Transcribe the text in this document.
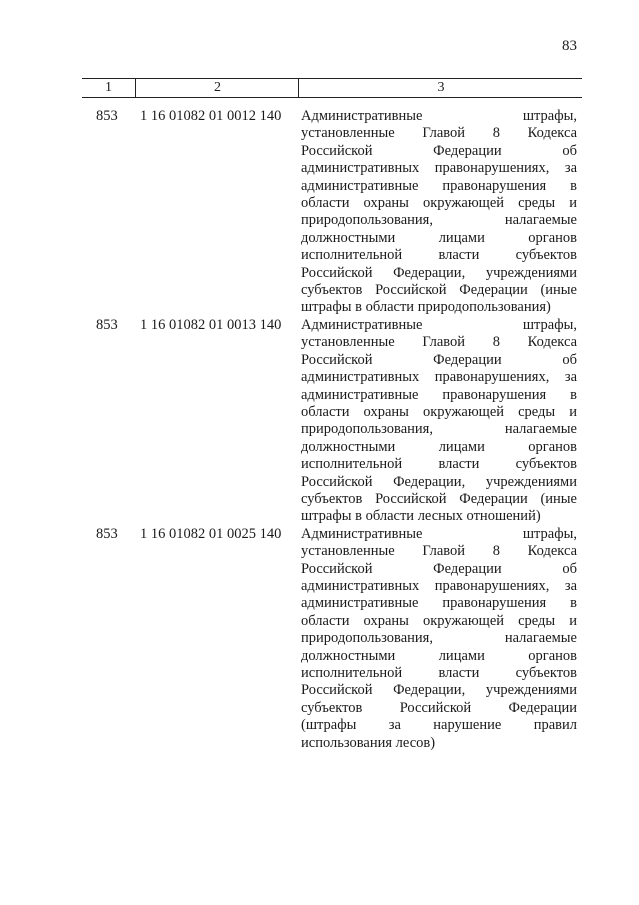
83
1	2	3
853 1 16 01082 01 0012 140 Административные штрафы,
установленные Главой 8 Кодекса
Российской Федерации об
административных правонарушениях, за
административные правонарушения в
области охраны окружающей среды и
природопользования, налагаемые
должностными лицами органов
исполнительной власти субъектов
Российской Федерации, учреждениями
субъектов Российской Федерации (иные
штрафы в области природопользования)
853 1 16 01082 01 0013 140 Административные штрафы,
установленные Главой 8 Кодекса
Российской Федерации об
административных правонарушениях, за
административные правонарушения в
области охраны окружающей среды и
природопользования, налагаемые
должностными лицами органов
исполнительной власти субъектов
Российской Федерации, учреждениями
субъектов Российской Федерации (иные
штрафы в области лесных отношений)
853 1 16 01082 01 0025 140 Административные штрафы,
установленные Главой 8 Кодекса
Российской Федерации об
административных правонарушениях, за
административные правонарушения в
области охраны окружающей среды и
природопользования, налагаемые
должностными лицами органов
исполнительной власти субъектов
Российской Федерации, учреждениями
субъектов Российской Федерации
(штрафы за нарушение правил
использования лесов)
